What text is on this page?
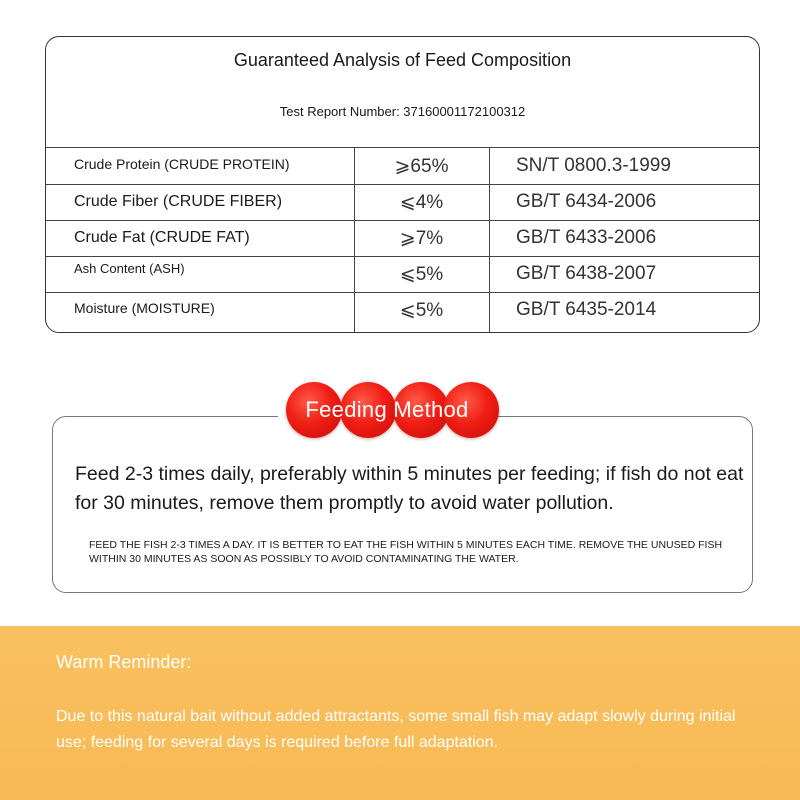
Guaranteed Analysis of Feed Composition
Test Report Number: 37160001172100312
Crude Protein (CRUDE PROTEIN)	⩾65%	SN/T 0800.3-1999
Crude Fiber (CRUDE FIBER)	⩽4%	GB/T 6434-2006
Crude Fat (CRUDE FAT)	⩾7%	GB/T 6433-2006
Ash Content (ASH)	⩽5%	GB/T 6438-2007
Moisture (MOISTURE)	⩽5%	GB/T 6435-2014
Feed 2-3 times daily, preferably within 5 minutes per feeding; if fish do not eat for 30 minutes, remove them promptly to avoid water pollution.
FEED THE FISH 2-3 TIMES A DAY. IT IS BETTER TO EAT THE FISH WITHIN 5 MINUTES EACH TIME. REMOVE THE UNUSED FISH WITHIN 30 MINUTES AS SOON AS POSSIBLY TO AVOID CONTAMINATING THE WATER.
Feeding Method
Warm Reminder:
Due to this natural bait without added attractants, some small fish may adapt slowly during initial use; feeding for several days is required before full adaptation.
